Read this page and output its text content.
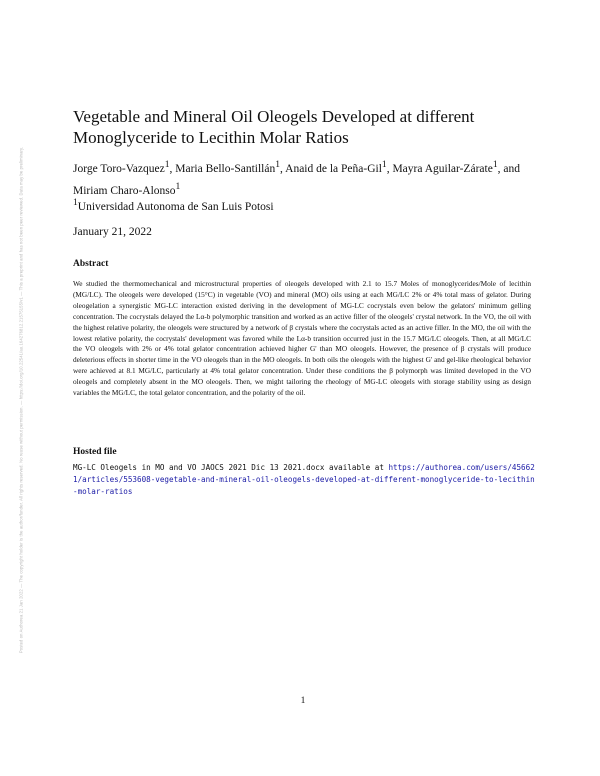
Posted on Authorea 21 Jan 2022 — The copyright holder is the author/funder. All rights reserved. No reuse without permission. — https://doi.org/10.22541/au.164276812.21575155/v1 — This a preprint and has not been peer reviewed. Data may be preliminary.
Vegetable and Mineral Oil Oleogels Developed at different Monoglyceride to Lecithin Molar Ratios
Jorge Toro-Vazquez$^1$, Maria Bello-Santillán$^1$, Anaid de la Peña-Gil$^1$, Mayra Aguilar-Zárate$^1$, and Miriam Charo-Alonso$^1$
$^1$Universidad Autonoma de San Luis Potosi
January 21, 2022
Abstract

We studied the thermomechanical and microstructural properties of oleogels developed with 2.1 to 15.7 Moles of monoglycerides/Mole of lecithin (MG/LC). The oleogels were developed (15°C) in vegetable (VO) and mineral (MO) oils using at each MG/LC 2% or 4% total mass of gelator. During oleogelation a synergistic MG-LC interaction existed deriving in the development of MG-LC cocrystals even below the gelators' minimum gelling concentration. The cocrystals delayed the Lα-b polymorphic transition and worked as an active filler of the oleogels' crystal network. In the VO, the oil with the highest relative polarity, the oleogels were structured by a network of β crystals where the cocrystals acted as an active filler. In the MO, the oil with the lowest relative polarity, the cocrystals' development was favored while the Lα-b transition occurred just in the 15.7 MG/LC oleogels. Then, at all MG/LC the VO oleogels with 2% or 4% total gelator concentration achieved higher G' than MO oleogels. However, the presence of β crystals will produce deleterious effects in shorter time in the VO oleogels than in the MO oleogels. In both oils the oleogels with the highest G' and gel-like rheological behavior were achieved at 8.1 MG/LC, particularly at 4% total gelator concentration. Under these conditions the β polymorph was limited developed in the VO oleogels and completely absent in the MO oleogels. Then, we might tailoring the rheology of MG-LC oleogels with storage stability using as design variables the MG/LC, the total gelator concentration, and the polarity of the oil.

Hosted file

MG-LC Oleogels in MO and VO JAOCS 2021 Dic 13 2021.docx available at https://authorea.com/users/456621/articles/553608-vegetable-and-mineral-oil-oleogels-developed-at-different-monoglyceride-to-lecithin-molar-ratios

1
